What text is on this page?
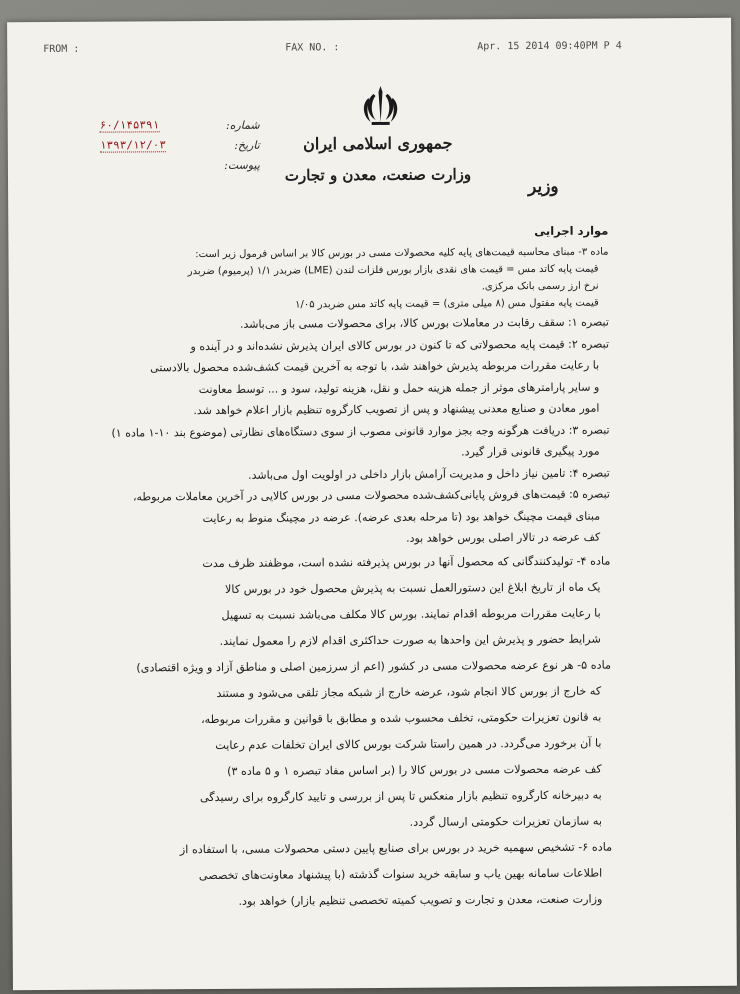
FROM :	FAX NO. :	Apr. 15 2014 09:40PM P 4
جمهوری اسلامی ایران
وزارت صنعت، معدن و تجارت
وزیر
۶۰/۱۴۵۳۹۱	شماره:
۱۳۹۳/۱۲/۰۳	تاریخ:
پیوست:

موارد اجرایی

ماده ۳- مبنای محاسبه قیمت‌های پایه کلیه محصولات مسی در بورس کالا بر اساس فرمول زیر است:

قیمت پایه کاتد مس = قیمت های نقدی بازار بورس فلزات لندن (LME) ضربدر ۱/۱ (پرمیوم) ضربدر

نرخ ارز رسمی بانک مرکزی.

قیمت پایه مفتول مس (۸ میلی متری) = قیمت پایه کاتد مس ضربدر ۱/۰۵

تبصره ۱: سقف رقابت در معاملات بورس کالا، برای محصولات مسی باز می‌باشد.

تبصره ۲: قیمت پایه محصولاتی که تا کنون در بورس کالای ایران پذیرش نشده‌اند و در آینده و

با رعایت مقررات مربوطه پذیرش خواهند شد، با توجه به آخرین قیمت کشف‌شده محصول بالادستی

و سایر پارامترهای موثر از جمله هزینه حمل و نقل، هزینه تولید، سود و ... توسط معاونت

امور معادن و صنایع معدنی پیشنهاد و پس از تصویب کارگروه تنظیم بازار اعلام خواهد شد.

تبصره ۳: دریافت هرگونه وجه بجز موارد قانونی مصوب از سوی دستگاه‌های نظارتی (موضوع بند ۱۰-۱ ماده ۱)

مورد پیگیری قانونی قرار گیرد.

تبصره ۴: تامین نیاز داخل و مدیریت آرامش بازار داخلی در اولویت اول می‌باشد.

تبصره ۵: قیمت‌های فروش پایانی‌کشف‌شده محصولات مسی در بورس کالایی در آخرین معاملات مربوطه،

مبنای قیمت مچینگ خواهد بود (تا مرحله بعدی عرضه). عرضه در مچینگ منوط به رعایت

کف عرضه در تالار اصلی بورس خواهد بود.

ماده ۴- تولیدکنندگانی که محصول آنها در بورس پذیرفته نشده است، موظفند ظرف مدت

یک ماه از تاریخ ابلاغ این دستورالعمل نسبت به پذیرش محصول خود در بورس کالا

با رعایت مقررات مربوطه اقدام نمایند. بورس کالا مکلف می‌باشد نسبت به تسهیل

شرایط حضور و پذیرش این واحدها به صورت حداکثری اقدام لازم را معمول نمایند.

ماده ۵- هر نوع عرضه محصولات مسی در کشور (اعم از سرزمین اصلی و مناطق آزاد و ویژه اقتصادی)

که خارج از بورس کالا انجام شود، عرضه خارج از شبکه مجاز تلقی می‌شود و مستند

به قانون تعزیرات حکومتی، تخلف محسوب شده و مطابق با قوانین و مقررات مربوطه،

با آن برخورد می‌گردد. در همین راستا شرکت بورس کالای ایران تخلفات عدم رعایت

کف عرضه محصولات مسی در بورس کالا را (بر اساس مفاد تبصره ۱ و ۵ ماده ۳)

به دبیرخانه کارگروه تنظیم بازار منعکس تا پس از بررسی و تایید کارگروه برای رسیدگی

به سازمان تعزیرات حکومتی ارسال گردد.

ماده ۶- تشخیص سهمیه خرید در بورس برای صنایع پایین دستی محصولات مسی، با استفاده از

اطلاعات سامانه بهین یاب و سابقه خرید سنوات گذشته (با پیشنهاد معاونت‌های تخصصی

وزارت صنعت، معدن و تجارت و تصویب کمیته تخصصی تنظیم بازار) خواهد بود.
